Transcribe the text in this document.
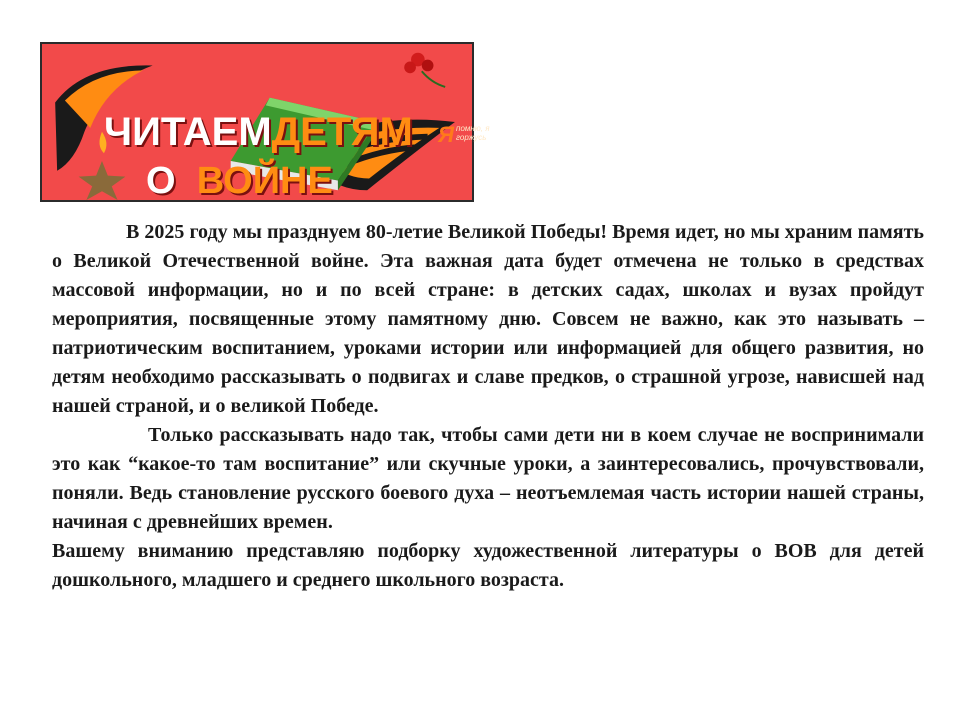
Я помню, я горжусь
ЧИТАЕМДЕТЯМ
О ВОЙНЕ

В 2025 году мы празднуем 80-летие Великой Победы! Время идет, но мы храним память о Великой Отечественной войне. Эта важная дата будет отмечена не только в средствах массовой информации, но и по всей стране: в детских садах, школах и вузах пройдут мероприятия, посвященные этому памятному дню. Совсем не важно, как это называть – патриотическим воспитанием, уроками истории или информацией для общего развития, но детям необходимо рассказывать о подвигах и славе предков, о страшной угрозе, нависшей над нашей страной, и о великой Победе.

Только рассказывать надо так, чтобы сами дети ни в коем случае не воспринимали это как “какое-то там воспитание” или скучные уроки, а заинтересовались, прочувствовали, поняли. Ведь становление русского боевого духа – неотъемлемая часть истории нашей страны, начиная с древнейших времен.

Вашему вниманию представляю подборку художественной литературы о ВОВ для детей дошкольного, младшего и среднего школьного возраста.
